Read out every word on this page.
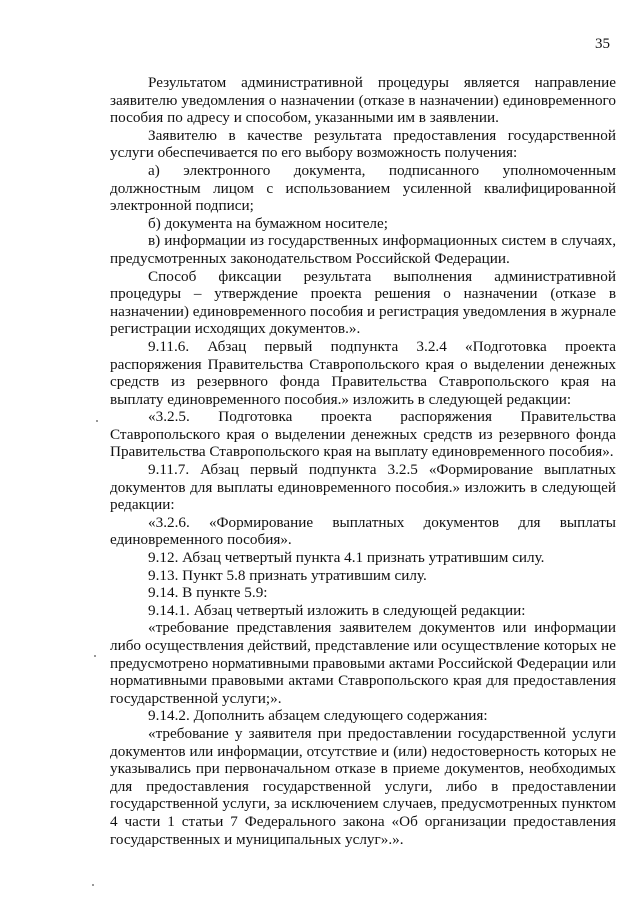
35

Результатом административной процедуры является направление заявителю уведомления о назначении (отказе в назначении) единовременного пособия по адресу и способом, указанными им в заявлении.

Заявителю в качестве результата предоставления государственной услуги обеспечивается по его выбору возможность получения:

а) электронного документа, подписанного уполномоченным должностным лицом с использованием усиленной квалифицированной электронной подписи;

б) документа на бумажном носителе;

в) информации из государственных информационных систем в случаях, предусмотренных законодательством Российской Федерации.

Способ фиксации результата выполнения административной процедуры – утверждение проекта решения о назначении (отказе в назначении) единовременного пособия и регистрация уведомления в журнале регистрации исходящих документов.».

9.11.6. Абзац первый подпункта 3.2.4 «Подготовка проекта распоряжения Правительства Ставропольского края о выделении денежных средств из резервного фонда Правительства Ставропольского края на выплату единовременного пособия.» изложить в следующей редакции:

«3.2.5. Подготовка проекта распоряжения Правительства Ставропольского края о выделении денежных средств из резервного фонда Правительства Ставропольского края на выплату единовременного пособия».

9.11.7. Абзац первый подпункта 3.2.5 «Формирование выплатных документов для выплаты единовременного пособия.» изложить в следующей редакции:

«3.2.6. «Формирование выплатных документов для выплаты единовременного пособия».

9.12. Абзац четвертый пункта 4.1 признать утратившим силу.

9.13. Пункт 5.8 признать утратившим силу.

9.14. В пункте 5.9:

9.14.1. Абзац четвертый изложить в следующей редакции:

«требование представления заявителем документов или информации либо осуществления действий, представление или осуществление которых не предусмотрено нормативными правовыми актами Российской Федерации или нормативными правовыми актами Ставропольского края для предоставления государственной услуги;».

9.14.2. Дополнить абзацем следующего содержания:

«требование у заявителя при предоставлении государственной услуги документов или информации, отсутствие и (или) недостоверность которых не указывались при первоначальном отказе в приеме документов, необходимых для предоставления государственной услуги, либо в предоставлении государственной услуги, за исключением случаев, предусмотренных пунктом 4 части 1 статьи 7 Федерального закона «Об организации предоставления государственных и муниципальных услуг».».
